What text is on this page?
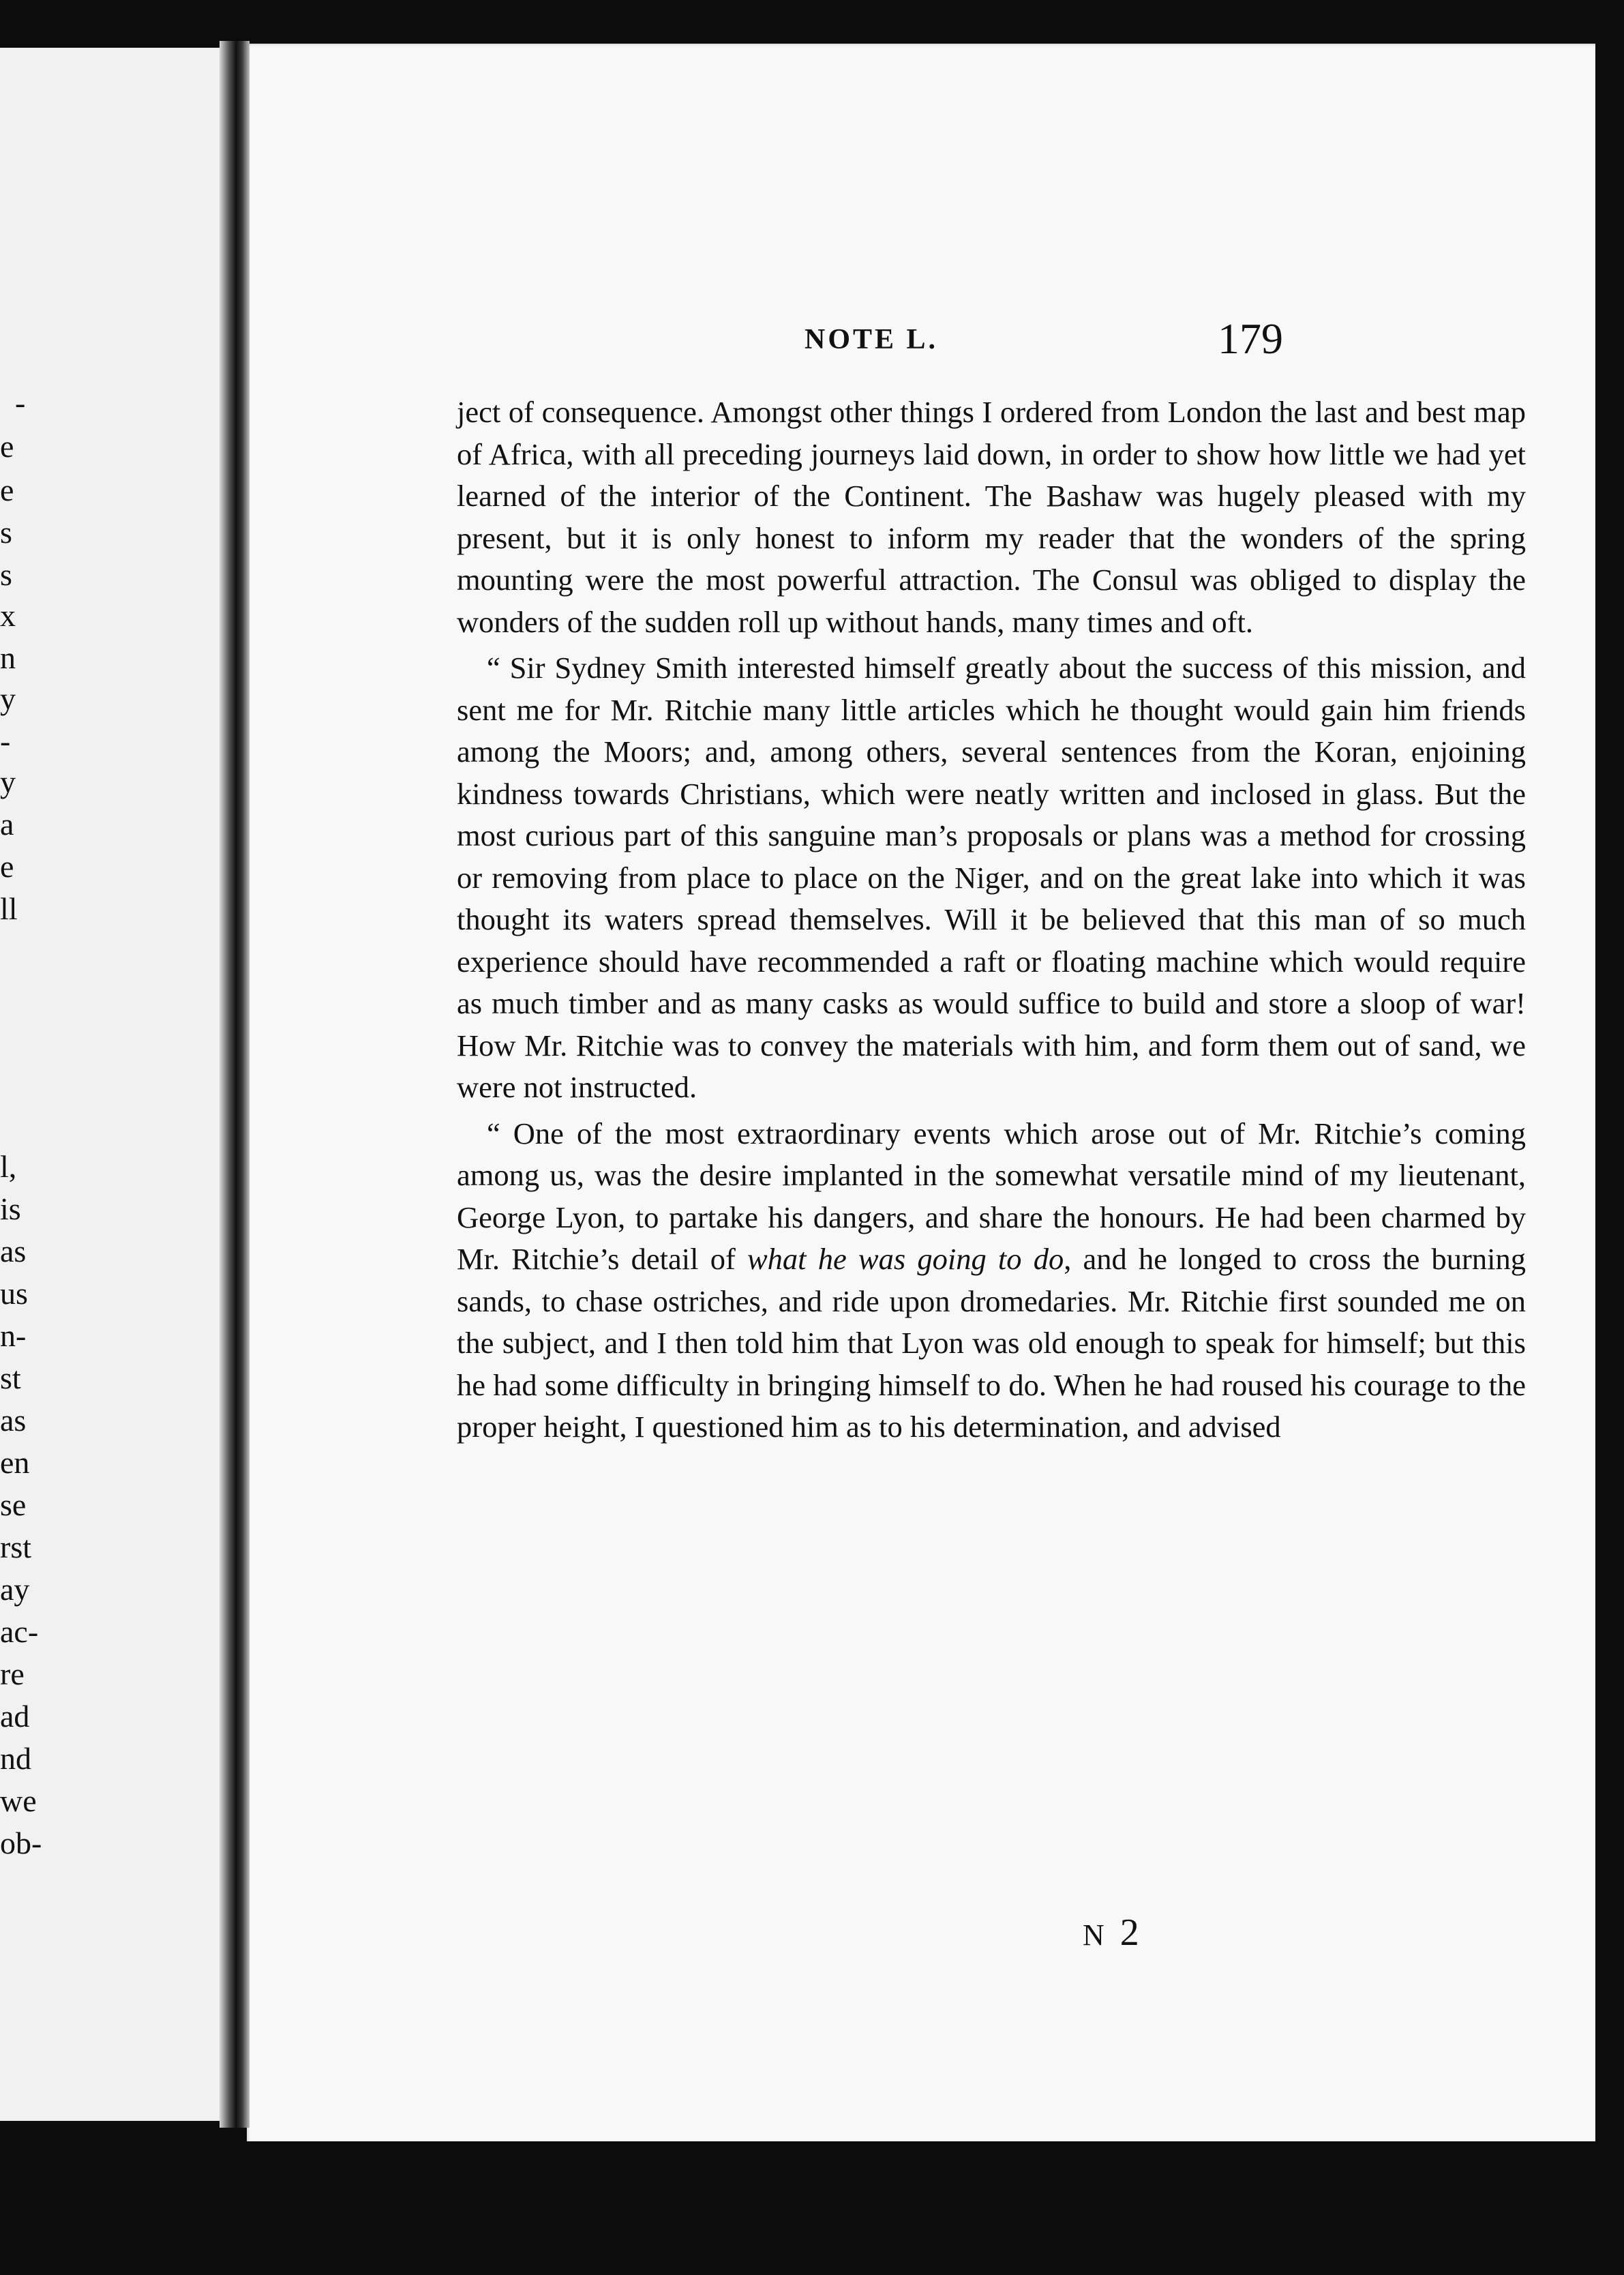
-
e
e
s
s
x
n
y
-
y
a
e
ll
l,
is
as
us
n-
st
as
en
se
rst
ay
ac-
re
ad
nd
we
ob-
NOTE L.	179

ject of consequence. Amongst other things I ordered from London the last and best map of Africa, with all preceding journeys laid down, in order to show how little we had yet learned of the interior of the Continent. The Bashaw was hugely pleased with my present, but it is only honest to inform my reader that the wonders of the spring mounting were the most powerful attraction. The Consul was obliged to display the wonders of the sudden roll up without hands, many times and oft.

“ Sir Sydney Smith interested himself greatly about the success of this mission, and sent me for Mr. Ritchie many little articles which he thought would gain him friends among the Moors; and, among others, several sentences from the Koran, enjoining kindness towards Christians, which were neatly written and inclosed in glass. But the most curious part of this sanguine man’s proposals or plans was a method for crossing or removing from place to place on the Niger, and on the great lake into which it was thought its waters spread themselves. Will it be believed that this man of so much experience should have recommended a raft or floating machine which would require as much timber and as many casks as would suffice to build and store a sloop of war! How Mr. Ritchie was to convey the materials with him, and form them out of sand, we were not instructed.

“ One of the most extraordinary events which arose out of Mr. Ritchie’s coming among us, was the desire implanted in the somewhat versatile mind of my lieutenant, George Lyon, to partake his dangers, and share the honours. He had been charmed by Mr. Ritchie’s detail of what he was going to do, and he longed to cross the burning sands, to chase ostriches, and ride upon dromedaries. Mr. Ritchie first sounded me on the subject, and I then told him that Lyon was old enough to speak for himself; but this he had some difficulty in bringing himself to do. When he had roused his courage to the proper height, I questioned him as to his determination, and advised

N 2
